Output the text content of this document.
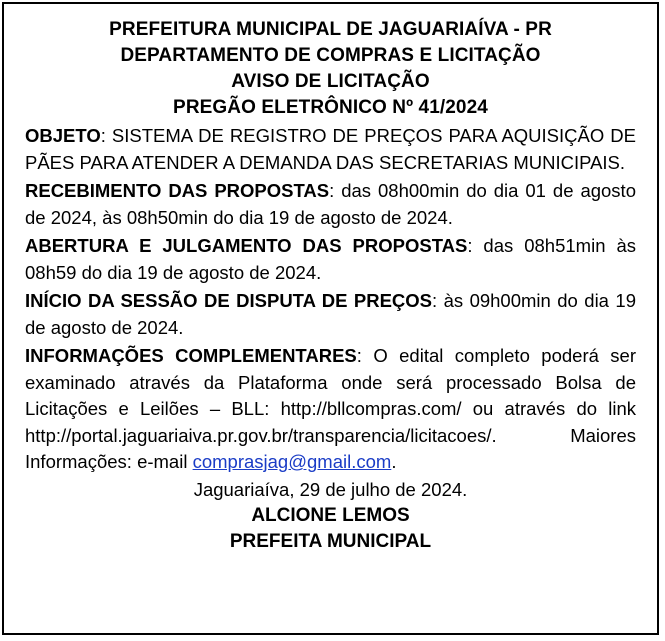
PREFEITURA MUNICIPAL DE JAGUARIAÍVA - PR
DEPARTAMENTO DE COMPRAS E LICITAÇÃO
AVISO DE LICITAÇÃO
PREGÃO ELETRÔNICO Nº 41/2024
OBJETO: SISTEMA DE REGISTRO DE PREÇOS PARA AQUISIÇÃO DE PÃES PARA ATENDER A DEMANDA DAS SECRETARIAS MUNICIPAIS.
RECEBIMENTO DAS PROPOSTAS: das 08h00min do dia 01 de agosto de 2024, às 08h50min do dia 19 de agosto de 2024.
ABERTURA E JULGAMENTO DAS PROPOSTAS: das 08h51min às 08h59 do dia 19 de agosto de 2024.
INÍCIO DA SESSÃO DE DISPUTA DE PREÇOS: às 09h00min do dia 19 de agosto de 2024.
INFORMAÇÕES COMPLEMENTARES: O edital completo poderá ser examinado através da Plataforma onde será processado Bolsa de Licitações e Leilões – BLL: http://bllcompras.com/ ou através do link http://portal.jaguariaiva.pr.gov.br/transparencia/licitacoes/. Maiores Informações: e-mail comprasjag@gmail.com.
Jaguariaíva, 29 de julho de 2024.
ALCIONE LEMOS
PREFEITA MUNICIPAL
